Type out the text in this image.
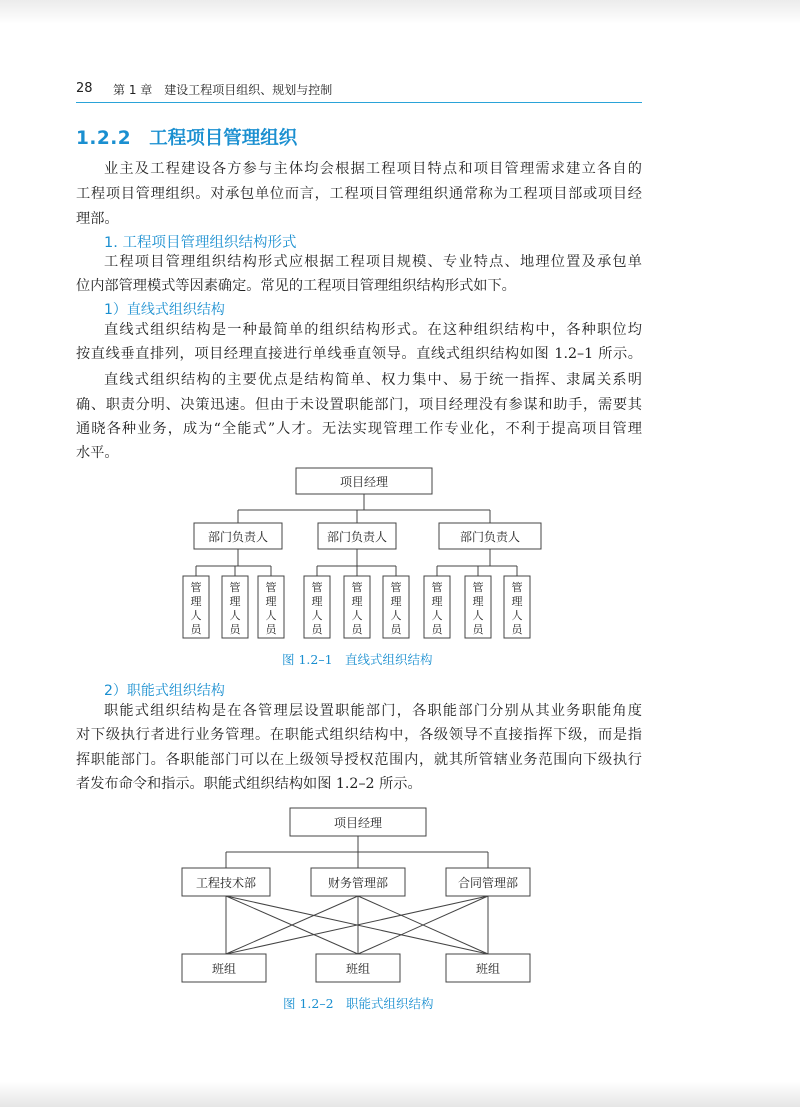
28 第 1 章　建设工程项目组织、规划与控制
1.2.2 工程项目管理组织
业主及工程建设各方参与主体均会根据工程项目特点和项目管理需求建立各自的
工程项目管理组织。对承包单位而言，工程项目管理组织通常称为工程项目部或项目经
理部。
1. 工程项目管理组织结构形式
工程项目管理组织结构形式应根据工程项目规模、专业特点、地理位置及承包单
位内部管理模式等因素确定。常见的工程项目管理组织结构形式如下。
1）直线式组织结构
直线式组织结构是一种最简单的组织结构形式。在这种组织结构中，各种职位均
按直线垂直排列，项目经理直接进行单线垂直领导。直线式组织结构如图 1.2–1 所示。
直线式组织结构的主要优点是结构简单、权力集中、易于统一指挥、隶属关系明
确、职责分明、决策迅速。但由于未设置职能部门，项目经理没有参谋和助手，需要其
通晓各种业务，成为“全能式”人才。无法实现管理工作专业化，不利于提高项目管理
水平。
项目经理
部门负责人	部门负责人	部门负责人
管
理
人
员
管
理
人
员
管
理
人
员
管
理
人
员
管
理
人
员
管
理
人
员
管
理
人
员
管
理
人
员
管
理
人
员
图 1.2–1　直线式组织结构
2）职能式组织结构
职能式组织结构是在各管理层设置职能部门，各职能部门分别从其业务职能角度
对下级执行者进行业务管理。在职能式组织结构中，各级领导不直接指挥下级，而是指
挥职能部门。各职能部门可以在上级领导授权范围内，就其所管辖业务范围向下级执行
者发布命令和指示。职能式组织结构如图 1.2–2 所示。
项目经理
工程技术部	财务管理部	合同管理部
班组	班组	班组
图 1.2–2　职能式组织结构
